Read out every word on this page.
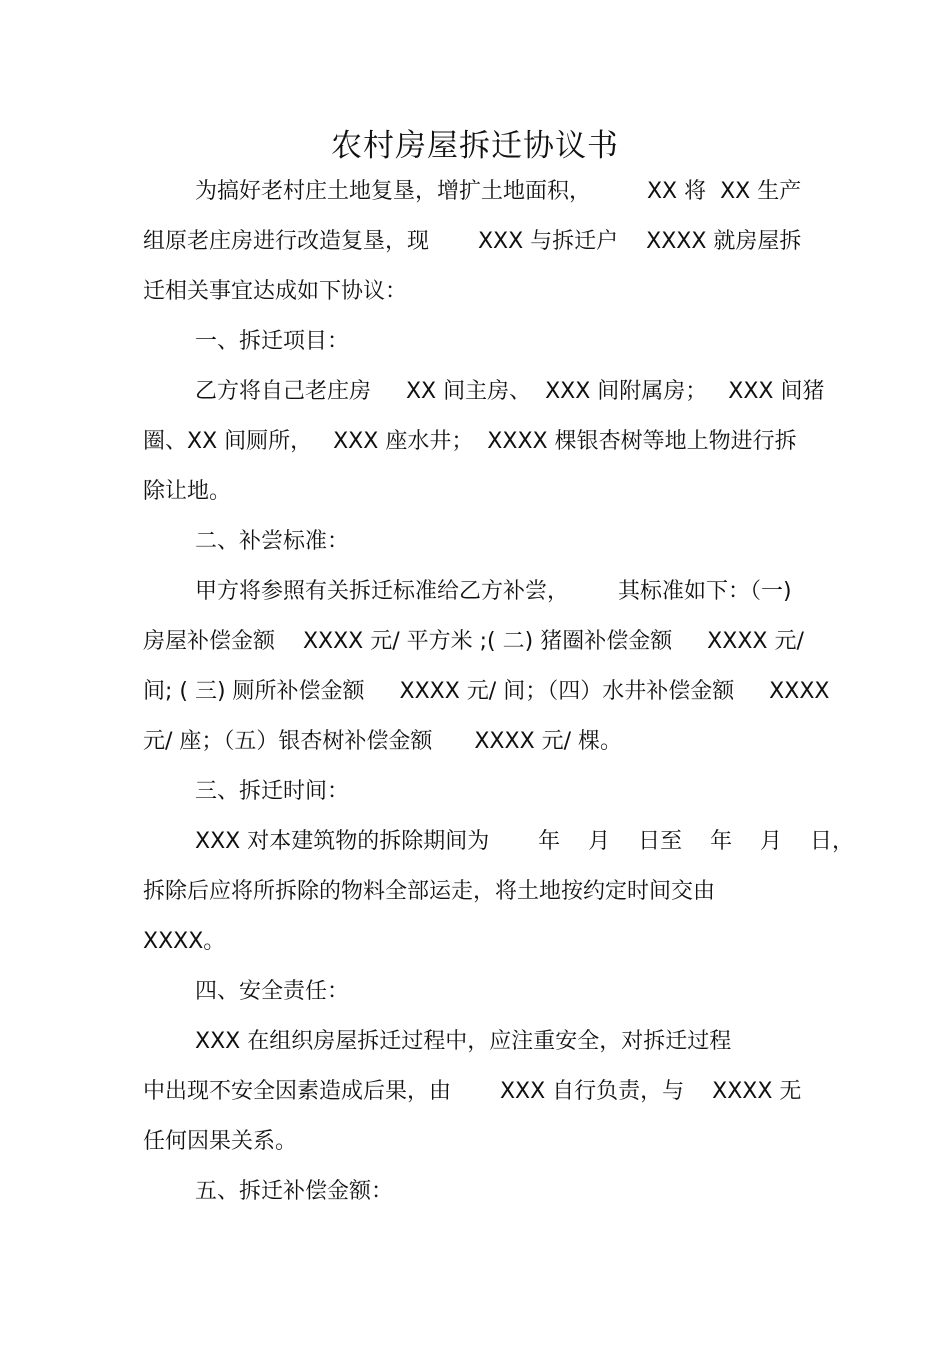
农村房屋拆迁协议书
为搞好老村庄土地复垦，增扩土地面积，        XX 将  XX 生产
组原老庄房进行改造复垦，现       XXX 与拆迁户    XXXX 就房屋拆
迁相关事宜达成如下协议：
一、拆迁项目：
乙方将自己老庄房     XX 间主房、  XXX 间附属房；   XXX 间猪
圈、XX 间厕所，   XXX 座水井；  XXXX 棵银杏树等地上物进行拆
除让地。
二、补尝标准：
甲方将参照有关拆迁标准给乙方补尝，       其标准如下：（一)
房屋补偿金额    XXXX 元/ 平方米 ;( 二) 猪圈补偿金额     XXXX 元/
间; ( 三) 厕所补偿金额     XXXX 元/ 间；（四）水井补偿金额     XXXX
元/ 座；（五）银杏树补偿金额      XXXX 元/ 棵。
三、拆迁时间：
XXX 对本建筑物的拆除期间为       年    月    日至    年    月    日，
拆除后应将所拆除的物料全部运走，将土地按约定时间交由
XXXX。
四、安全责任：
XXX 在组织房屋拆迁过程中，应注重安全，对拆迁过程
中出现不安全因素造成后果，由       XXX 自行负责，与    XXXX 无
任何因果关系。
五、拆迁补偿金额：
